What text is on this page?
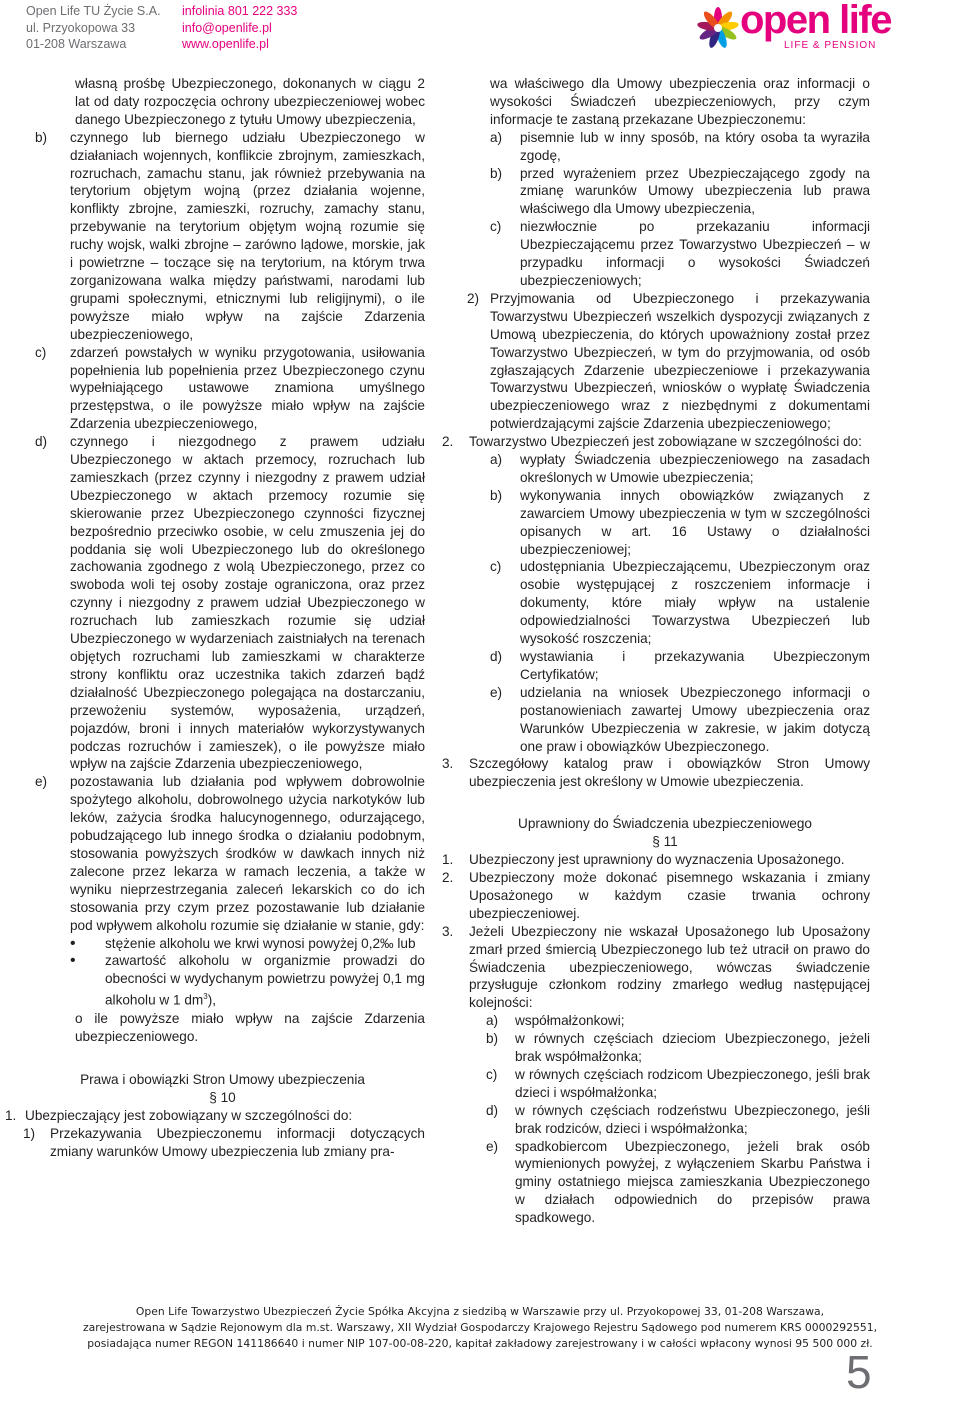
Open Life TU Życie S.A.
ul. Przyokopowa 33
01-208 Warszawa
infolinia 801 222 333
info@openlife.pl
www.openlife.pl
open life
LIFE & PENSION

własną prośbę Ubezpieczonego, dokonanych w ciągu 2 lat od daty rozpoczęcia ochrony ubezpieczeniowej wobec danego Ubezpieczonego z tytułu Umowy ubezpieczenia,

b)	czynnego lub biernego udziału Ubezpieczonego w działaniach wojennych, konflikcie zbrojnym, zamieszkach, rozruchach, zamachu stanu, jak również przebywania na terytorium objętym wojną (przez działania wojenne, konflikty zbrojne, zamieszki, rozruchy, zamachy stanu, przebywanie na terytorium objętym wojną rozumie się ruchy wojsk, walki zbrojne – zarówno lądowe, morskie, jak i powietrzne – toczące się na terytorium, na którym trwa zorganizowana walka między państwami, narodami lub grupami społecznymi, etnicznymi lub religijnymi), o ile powyższe miało wpływ na zajście Zdarzenia ubezpieczeniowego,
c)	zdarzeń powstałych w wyniku przygotowania, usiłowania popełnienia lub popełnienia przez Ubezpieczonego czynu wypełniającego ustawowe znamiona umyślnego przestępstwa, o ile powyższe miało wpływ na zajście Zdarzenia ubezpieczeniowego,
d)	czynnego i niezgodnego z prawem udziału Ubezpieczonego w aktach przemocy, rozruchach lub zamieszkach (przez czynny i niezgodny z prawem udział Ubezpieczonego w aktach przemocy rozumie się skierowanie przez Ubezpieczonego czynności fizycznej bezpośrednio przeciwko osobie, w celu zmuszenia jej do poddania się woli Ubezpieczonego lub do określonego zachowania zgodnego z wolą Ubezpieczonego, przez co swoboda woli tej osoby zostaje ograniczona, oraz przez czynny i niezgodny z prawem udział Ubezpieczonego w rozruchach lub zamieszkach rozumie się udział Ubezpieczonego w wydarzeniach zaistniałych na terenach objętych rozruchami lub zamieszkami w charakterze strony konfliktu oraz uczestnika takich zdarzeń bądź działalność Ubezpieczonego polegająca na dostarczaniu, przewożeniu systemów, wyposażenia, urządzeń, pojazdów, broni i innych materiałów wykorzystywanych podczas rozruchów i zamieszek), o ile powyższe miało wpływ na zajście Zdarzenia ubezpieczeniowego,
e)	pozostawania lub działania pod wpływem dobrowolnie spożytego alkoholu, dobrowolnego użycia narkotyków lub leków, zażycia środka halucynogennego, odurzającego, pobudzającego lub innego środka o działaniu podobnym, stosowania powyższych środków w dawkach innych niż zalecone przez lekarza w ramach leczenia, a także w wyniku nieprzestrzegania zaleceń lekarskich co do ich stosowania przy czym przez pozostawanie lub działanie pod wpływem alkoholu rozumie się działanie w stanie, gdy:
•	stężenie alkoholu we krwi wynosi powyżej 0,2‰ lub
•	zawartość alkoholu w organizmie prowadzi do obecności w wydychanym powietrzu powyżej 0,1 mg alkoholu w 1 $dm^3$),

o ile powyższe miało wpływ na zajście Zdarzenia ubezpieczeniowego.

Prawa i obowiązki Stron Umowy ubezpieczenia

§ 10

1. Ubezpieczający jest zobowiązany w szczególności do:
1)	Przekazywania Ubezpieczonemu informacji dotyczących zmiany warunków Umowy ubezpieczenia lub zmiany pra-

wa właściwego dla Umowy ubezpieczenia oraz informacji o wysokości Świadczeń ubezpieczeniowych, przy czym informacje te zastaną przekazane Ubezpieczonemu:

a)	pisemnie lub w inny sposób, na który osoba ta wyraziła zgodę,
b)	przed wyrażeniem przez Ubezpieczającego zgody na zmianę warunków Umowy ubezpieczenia lub prawa właściwego dla Umowy ubezpieczenia,
c)	niezwłocznie po przekazaniu informacji Ubezpieczającemu przez Towarzystwo Ubezpieczeń – w przypadku informacji o wysokości Świadczeń ubezpieczeniowych;
2) Przyjmowania od Ubezpieczonego i przekazywania Towarzystwu Ubezpieczeń wszelkich dyspozycji związanych z Umową ubezpieczenia, do których upoważniony został przez Towarzystwo Ubezpieczeń, w tym do przyjmowania, od osób zgłaszających Zdarzenie ubezpieczeniowe i przekazywania Towarzystwu Ubezpieczeń, wniosków o wypłatę Świadczenia ubezpieczeniowego wraz z niezbędnymi z dokumentami potwierdzającymi zajście Zdarzenia ubezpieczeniowego;
2.	Towarzystwo Ubezpieczeń jest zobowiązane w szczególności do:
a)	wypłaty Świadczenia ubezpieczeniowego na zasadach określonych w Umowie ubezpieczenia;
b)	wykonywania innych obowiązków związanych z zawarciem Umowy ubezpieczenia w tym w szczególności opisanych w art. 16 Ustawy o działalności ubezpieczeniowej;
c)	udostępniania Ubezpieczającemu, Ubezpieczonym oraz osobie występującej z roszczeniem informacje i dokumenty, które miały wpływ na ustalenie odpowiedzialności Towarzystwa Ubezpieczeń lub wysokość roszczenia;
d)	wystawiania i przekazywania Ubezpieczonym Certyfikatów;
e)	udzielania na wniosek Ubezpieczonego informacji o postanowieniach zawartej Umowy ubezpieczenia oraz Warunków Ubezpieczenia w zakresie, w jakim dotyczą one praw i obowiązków Ubezpieczonego.
3.	Szczegółowy katalog praw i obowiązków Stron Umowy ubezpieczenia jest określony w Umowie ubezpieczenia.

Uprawniony do Świadczenia ubezpieczeniowego

§ 11

1.	Ubezpieczony jest uprawniony do wyznaczenia Uposażonego.
2.	Ubezpieczony może dokonać pisemnego wskazania i zmiany Uposażonego w każdym czasie trwania ochrony ubezpieczeniowej.
3.	Jeżeli Ubezpieczony nie wskazał Uposażonego lub Uposażony zmarł przed śmiercią Ubezpieczonego lub też utracił on prawo do Świadczenia ubezpieczeniowego, wówczas świadczenie przysługuje członkom rodziny zmarłego według następującej kolejności:
a)	współmałżonkowi;
b)	w równych częściach dzieciom Ubezpieczonego, jeżeli brak współmałżonka;
c)	w równych częściach rodzicom Ubezpieczonego, jeśli brak dzieci i współmałżonka;
d)	w równych częściach rodzeństwu Ubezpieczonego, jeśli brak rodziców, dzieci i współmałżonka;
e)	spadkobiercom Ubezpieczonego, jeżeli brak osób wymienionych powyżej, z wyłączeniem Skarbu Państwa i gminy ostatniego miejsca zamieszkania Ubezpieczonego w działach odpowiednich do przepisów prawa spadkowego.
Open Life Towarzystwo Ubezpieczeń Życie Spółka Akcyjna z siedzibą w Warszawie przy ul. Przyokopowej 33, 01-208 Warszawa,
zarejestrowana w Sądzie Rejonowym dla m.st. Warszawy, XII Wydział Gospodarczy Krajowego Rejestru Sądowego pod numerem KRS 0000292551,
posiadająca numer REGON 141186640 i numer NIP 107-00-08-220, kapitał zakładowy zarejestrowany i w całości wpłacony wynosi 95 500 000 zł.
5
